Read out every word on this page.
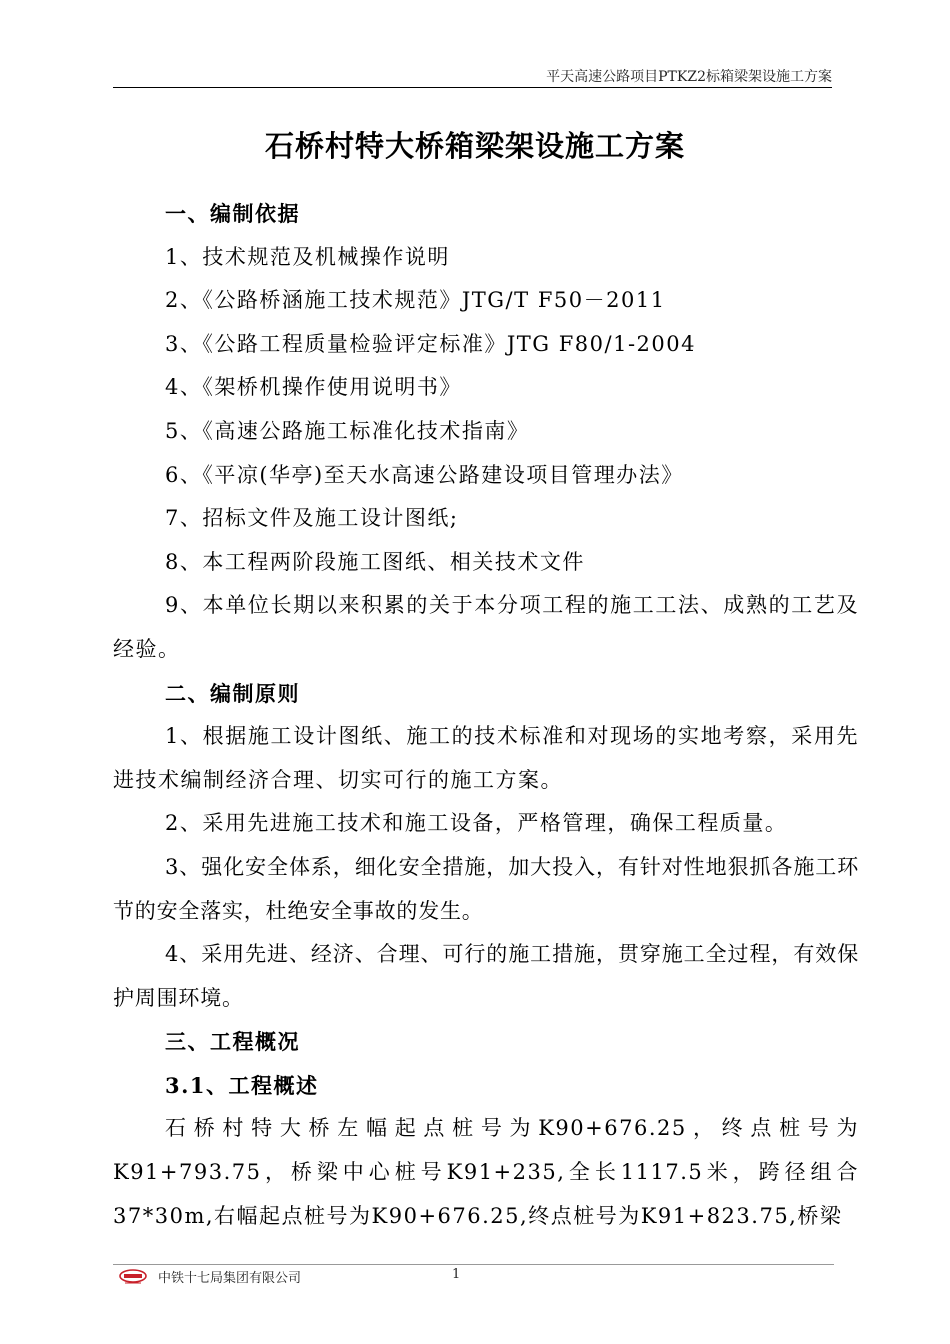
平天高速公路项目PTKZ2标箱梁架设施工方案
石桥村特大桥箱梁架设施工方案

一、编制依据

1、技术规范及机械操作说明

2、《公路桥涵施工技术规范》JTG/T F50－2011

3、《公路工程质量检验评定标准》JTG F80/1-2004

4、《架桥机操作使用说明书》

5、《高速公路施工标准化技术指南》

6、《平凉(华亭)至天水高速公路建设项目管理办法》

7、招标文件及施工设计图纸;

8、本工程两阶段施工图纸、相关技术文件

9、本单位长期以来积累的关于本分项工程的施工工法、成熟的工艺及经验。

二、编制原则

1、根据施工设计图纸、施工的技术标准和对现场的实地考察，采用先进技术编制经济合理、切实可行的施工方案。

2、采用先进施工技术和施工设备，严格管理，确保工程质量。

3、强化安全体系，细化安全措施，加大投入，有针对性地狠抓各施工环节的安全落实，杜绝安全事故的发生。

4、采用先进、经济、合理、可行的施工措施，贯穿施工全过程，有效保护周围环境。

三、工程概况

3.1、工程概述

石桥村特大桥左幅起点桩号为K90+676.25，终点桩号为K91+793.75，桥梁中心桩号K91+235,全长1117.5米，跨径组合37*30m,右幅起点桩号为K90+676.25,终点桩号为K91+823.75,桥梁

中铁十七局集团有限公司	1
